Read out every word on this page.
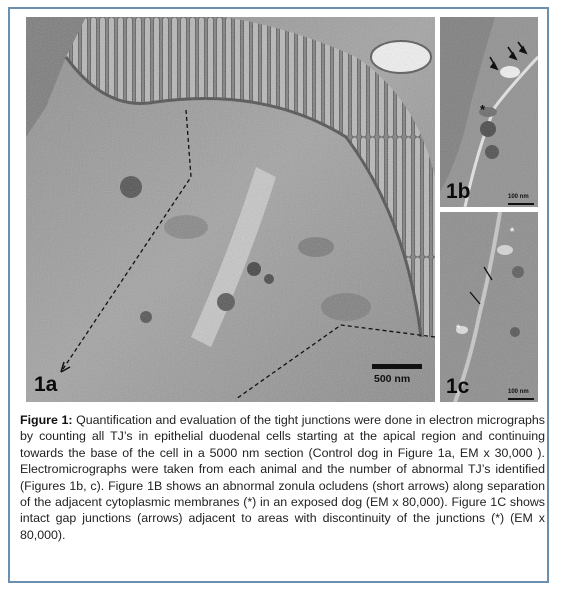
1a	500 nm
*
1b	100 nm
*
*
1c	100 nm
Figure 1: Quantification and evaluation of the tight junctions were done in electron micrographs by counting all TJ’s in epithelial duodenal cells starting at the apical region and continuing towards the base of the cell in a 5000 nm section (Control dog in Figure 1a, EM x 30,000 ). Electromicrographs were taken from each animal and the number of abnormal TJ’s identified (Figures 1b, c). Figure 1B shows an abnormal zonula ocludens (short arrows) along separation of the adjacent cytoplasmic membranes (*) in an exposed dog (EM x 80,000). Figure 1C shows intact gap junctions (arrows) adjacent to areas with discontinuity of the junctions (*) (EM x 80,000).
